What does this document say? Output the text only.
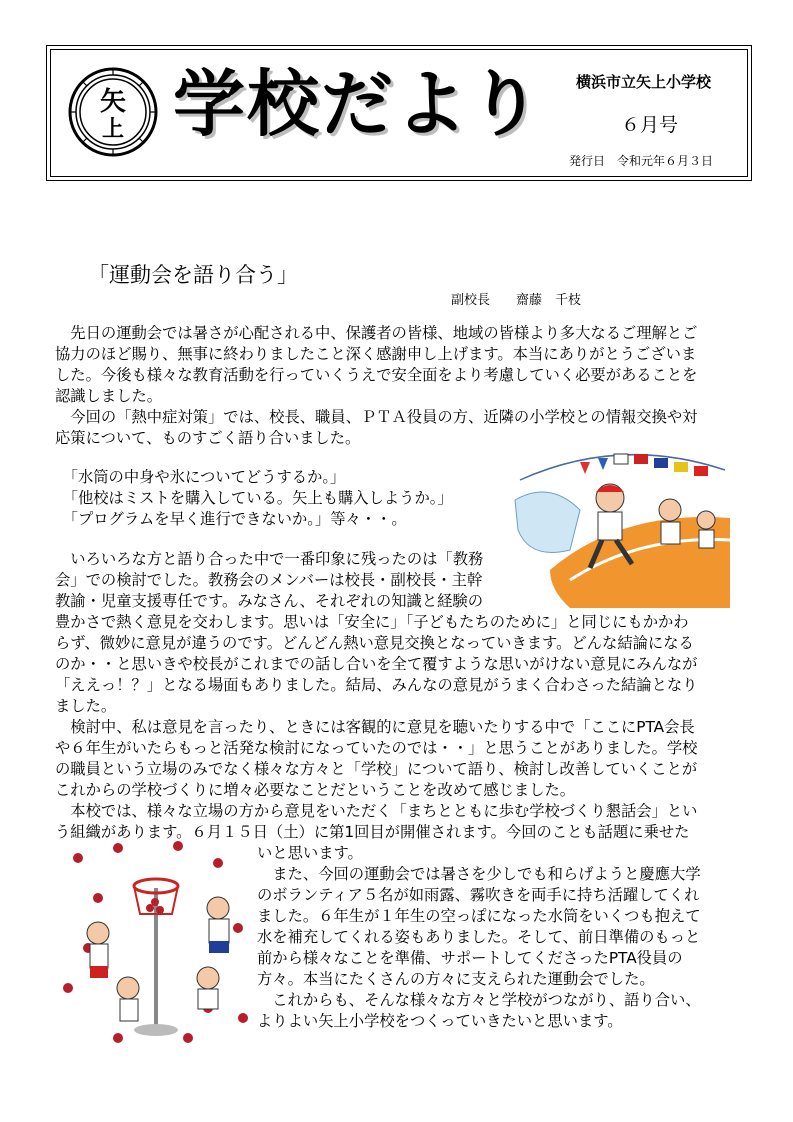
矢
上 学校だより 横浜市立矢上小学校
６月号
発行日　令和元年６月３日
「運動会を語り合う」
副校長　　齋藤　千枝
　先日の運動会では暑さが心配される中、保護者の皆様、地域の皆様より多大なるご理解とご
協力のほど賜り、無事に終わりましたこと深く感謝申し上げます。本当にありがとうございま
した。今後も様々な教育活動を行っていくうえで安全面をより考慮していく必要があることを
認識しました。
　今回の「熱中症対策」では、校長、職員、ＰＴＡ役員の方、近隣の小学校との情報交換や対
応策について、ものすごく語り合いました。
　「水筒の中身や氷についてどうするか。」
　「他校はミストを購入している。矢上も購入しようか。」
　「プログラムを早く進行できないか。」等々・・。
　いろいろな方と語り合った中で一番印象に残ったのは「教務
会」での検討でした。教務会のメンバーは校長・副校長・主幹
教諭・児童支援専任です。みなさん、それぞれの知識と経験の
豊かさで熱く意見を交わします。思いは「安全に」「子どもたちのために」と同じにもかかわ
らず、微妙に意見が違うのです。どんどん熱い意見交換となっていきます。どんな結論になる
のか・・と思いきや校長がこれまでの話し合いを全て覆すような思いがけない意見にみんなが
「ええっ！？」となる場面もありました。結局、みんなの意見がうまく合わさった結論となり
ました。
　検討中、私は意見を言ったり、ときには客観的に意見を聴いたりする中で「ここにPTA会長
や６年生がいたらもっと活発な検討になっていたのでは・・」と思うことがありました。学校
の職員という立場のみでなく様々な方々と「学校」について語り、検討し改善していくことが
これからの学校づくりに増々必要なことだということを改めて感じました。
　本校では、様々な立場の方から意見をいただく「まちとともに歩む学校づくり懇話会」とい
う組織があります。６月１５日（土）に第1回目が開催されます。今回のことも話題に乗せた
いと思います。
　また、今回の運動会では暑さを少しでも和らげようと慶應大学
のボランティア５名が如雨露、霧吹きを両手に持ち活躍してくれ
ました。６年生が１年生の空っぽになった水筒をいくつも抱えて
水を補充してくれる姿もありました。そして、前日準備のもっと
前から様々なことを準備、サポートしてくださったPTA役員の
方々。本当にたくさんの方々に支えられた運動会でした。
　これからも、そんな様々な方々と学校がつながり、語り合い、
よりよい矢上小学校をつくっていきたいと思います。
